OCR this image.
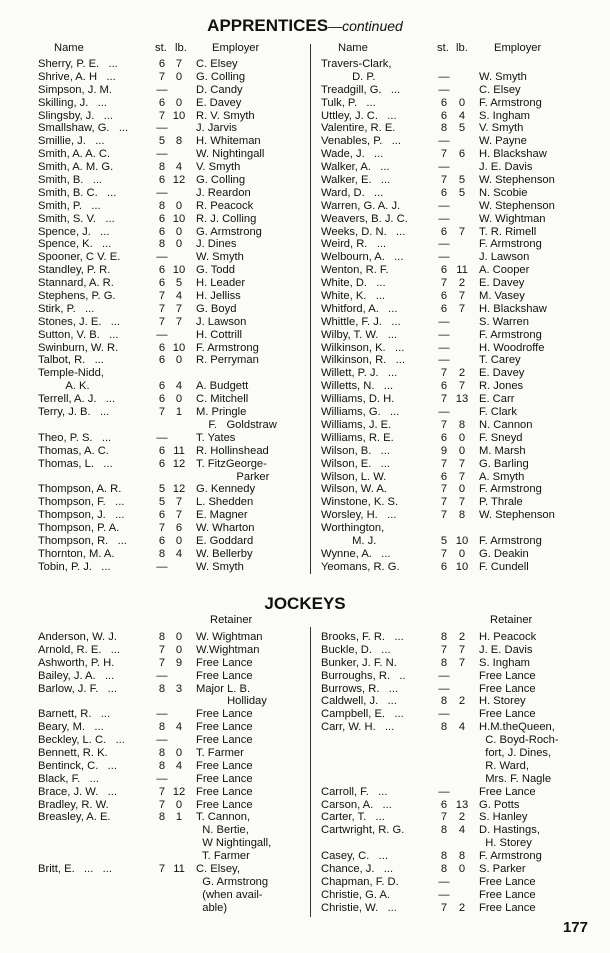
APPRENTICES—continued
Name	st. lb. Employer	Name	st. lb. Employer
Sherry, P. E.   ...	6 7	C. Elsey
Shrive, A. H   ...	7 0	G. Colling
Simpson, J. M.	—	D. Candy
Skilling, J.   ...	6 0	E. Davey
Slingsby, J.   ...	7 10 R. V. Smyth
Smallshaw, G.   ...	—	J. Jarvis
Smillie, J.   ...	5 8	H. Whiteman
Smith, A. A. C.	—	W. Nightingall
Smith, A. M. G.	8 4	V. Smyth
Smith, B.   ...	6 12 G. Colling
Smith, B. C.   ...	—	J. Reardon
Smith, P.   ...	8 0	R. Peacock
Smith, S. V.   ...	6 10 R. J. Colling
Spence, J.   ...	6 0	G. Armstrong
Spence, K.   ...	8 0	J. Dines
Spooner, C V. E.	—	W. Smyth
Standley, P. R.	6 10 G. Todd
Stannard, A. R.	6 5	H. Leader
Stephens, P. G.	7 4	H. Jelliss
Stirk, P.   ...	7 7	G. Boyd
Stones, J. E.   ...	7 7	J. Lawson
Sutton, V. B.   ...	—	H. Cottrill
Swinburn, W. R.	6 10 F. Armstrong
Talbot, R.   ...	6 0	R. Perryman
Temple-Nidd,
A. K.	6 4	A. Budgett
Terrell, A. J.   ...	6 0	C. Mitchell
Terry, J. B.   ...	7 1	M. Pringle
F.   Goldstraw
Theo, P. S.   ...	—	T. Yates
Thomas, A. C.	6 11 R. Hollinshead
Thomas, L.   ...	6 12 T. FitzGeorge-
Parker
Thompson, A. R.	5 12 G. Kennedy
Thompson, F.   ...	5 7	L. Shedden
Thompson, J.   ...	6 7	E. Magner
Thompson, P. A.	7 6	W. Wharton
Thompson, R.   ...	6 0	E. Goddard
Thornton, M. A.	8 4	W. Bellerby
Tobin, P. J.   ...	—	W. Smyth
Travers-Clark,
D. P.	—	W. Smyth
Treadgill, G.   ...	—	C. Elsey
Tulk, P.   ...	6	0	F. Armstrong
Uttley, J. C.   ...	6	4	S. Ingham
Valentire, R. E.	8	5	V. Smyth
Venables, P.   ...	—	W. Payne
Wade, J.   ...	7	6	H. Blackshaw
Walker, A.   ...	—	J. E. Davis
Walker, E.   ...	7	5	W. Stephenson
Ward, D.   ...	6	5	N. Scobie
Warren, G. A. J.	—	W. Stephenson
Weavers, B. J. C.	—	W. Wightman
Weeks, D. N.   ...	6	7	T. R. Rimell
Weird, R.   ...	—	F. Armstrong
Welbourn, A.   ...	—	J. Lawson
Wenton, R. F.	6 11 A. Cooper
White, D.   ...	7	2	E. Davey
White, K.   ...	6	7	M. Vasey
Whitford, A.   ...	6	7	H. Blackshaw
Whittle, F. J.   ...	—	S. Warren
Wilby, T. W.   ...	—	F. Armstrong
Wilkinson, K.   ...	—	H. Woodroffe
Wilkinson, R.   ...	—	T. Carey
Willett, P. J.   ...	7	2	E. Davey
Willetts, N.   ...	6	7	R. Jones
Williams, D. H.	7 13 E. Carr
Williams, G.   ...	—	F. Clark
Williams, J. E.	7	8	N. Cannon
Williams, R. E.	6	0	F. Sneyd
Wilson, B.   ...	9	0	M. Marsh
Wilson, E.   ...	7	7	G. Barling
Wilson, L. W.	6	7	A. Smyth
Wilson, W. A.	7	0	F. Armstrong
Winstone, K. S.	7	7	P. Thrale
Worsley, H.   ...	7	8	W. Stephenson
Worthington,
M. J.	5 10 F. Armstrong
Wynne, A.   ...	7	0	G. Deakin
Yeomans, R. G.	6 10 F. Cundell
JOCKEYS
Retainer	Retainer
Anderson, W. J.	8 0	W. Wightman
Arnold, R. E.   ...	7 0	W.Wightman
Ashworth, P. H.	7 9	Free Lance
Bailey, J. A.   ...	—	Free Lance
Barlow, J. F.   ...	8 3	Major L. B.
Holliday
Barnett, R.   ...	—	Free Lance
Beary, M.   ...	8 4	Free Lance
Beckley, L. C.   ...	—	Free Lance
Bennett, R. K.	8 0	T. Farmer
Bentinck, C.   ...	8 4	Free Lance
Black, F.   ...	—	Free Lance
Brace, J. W.   ...	7 12 Free Lance
Bradley, R. W.	7 0	Free Lance
Breasley, A. E.	8 1	T. Cannon,
N. Bertie,
W Nightingall,
T. Farmer
Britt, E.   ...   ...	7 11 C. Elsey,
G. Armstrong
(when avail-
able)
Brooks, F. R.   ...	8	2	H. Peacock
Buckle, D.   ...	7	7	J. E. Davis
Bunker, J. F. N.	8	7	S. Ingham
Burroughs, R.   ..	—	Free Lance
Burrows, R.   ...	—	Free Lance
Caldwell, J.   ...	8	2	H. Storey
Campbell, E.   ...	—	Free Lance
Carr, W. H.   ...	8	4	H.M.theQueen,
C. Boyd-Roch-
fort, J. Dines,
R. Ward,
Mrs. F. Nagle
Carroll, F.   ...	—	Free Lance
Carson, A.   ...	6 13 G. Potts
Carter, T.   ...	7	2	S. Hanley
Cartwright, R. G.	8	4	D. Hastings,
H. Storey
Casey, C.   ...	8	8	F. Armstrong
Chance, J.   ...	8	0	S. Parker
Chapman, F. D.	—	Free Lance
Christie, G. A.	—	Free Lance
Christie, W.   ...	7	2	Free Lance
177
